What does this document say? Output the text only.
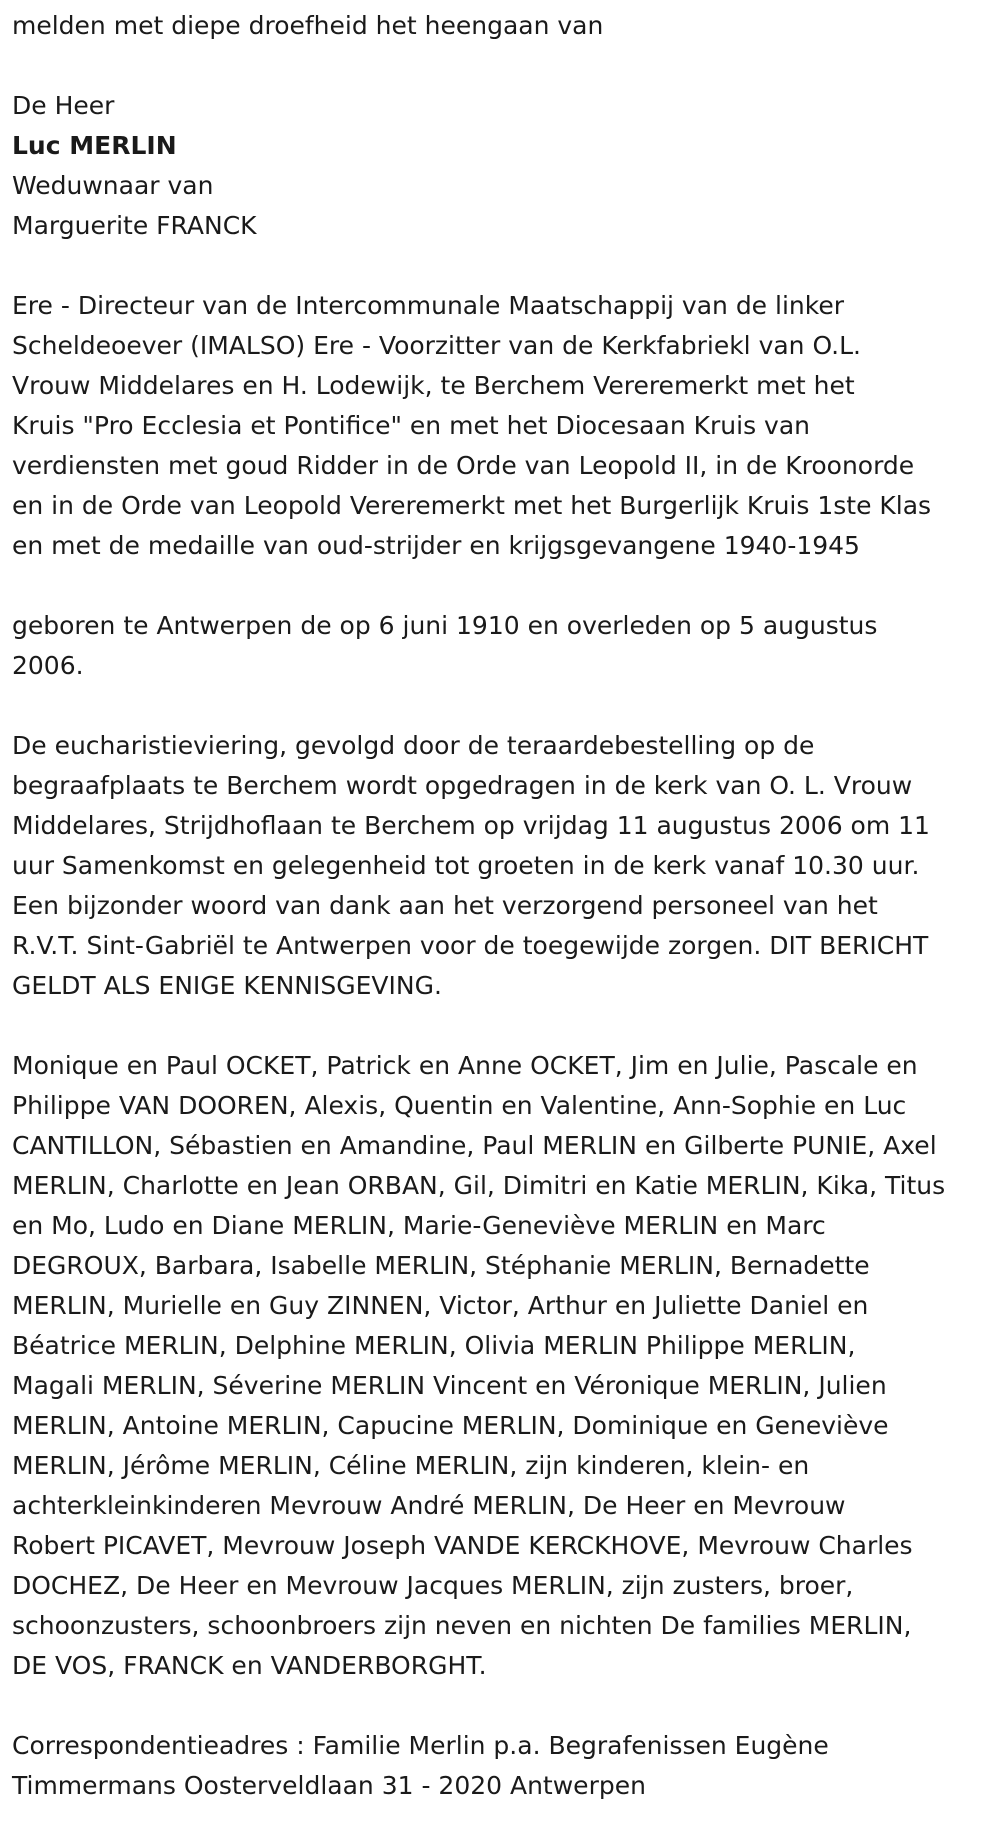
melden met diepe droefheid het heengaan van
De Heer
Luc MERLIN
Weduwnaar van
Marguerite FRANCK
Ere - Directeur van de Intercommunale Maatschappij van de linker
Scheldeoever (IMALSO) Ere - Voorzitter van de Kerkfabriekl van O.L.
Vrouw Middelares en H. Lodewijk, te Berchem Vereremerkt met het
Kruis "Pro Ecclesia et Pontifice" en met het Diocesaan Kruis van
verdiensten met goud Ridder in de Orde van Leopold II, in de Kroonorde
en in de Orde van Leopold Vereremerkt met het Burgerlijk Kruis 1ste Klas
en met de medaille van oud-strijder en krijgsgevangene 1940-1945
geboren te Antwerpen de op 6 juni 1910 en overleden op 5 augustus
2006.
De eucharistieviering, gevolgd door de teraardebestelling op de
begraafplaats te Berchem wordt opgedragen in de kerk van O. L. Vrouw
Middelares, Strijdhoflaan te Berchem op vrijdag 11 augustus 2006 om 11
uur Samenkomst en gelegenheid tot groeten in de kerk vanaf 10.30 uur.
Een bijzonder woord van dank aan het verzorgend personeel van het
R.V.T. Sint-Gabriël te Antwerpen voor de toegewijde zorgen. DIT BERICHT
GELDT ALS ENIGE KENNISGEVING.
Monique en Paul OCKET, Patrick en Anne OCKET, Jim en Julie, Pascale en
Philippe VAN DOOREN, Alexis, Quentin en Valentine, Ann-Sophie en Luc
CANTILLON, Sébastien en Amandine, Paul MERLIN en Gilberte PUNIE, Axel
MERLIN, Charlotte en Jean ORBAN, Gil, Dimitri en Katie MERLIN, Kika, Titus
en Mo, Ludo en Diane MERLIN, Marie-Geneviève MERLIN en Marc
DEGROUX, Barbara, Isabelle MERLIN, Stéphanie MERLIN, Bernadette
MERLIN, Murielle en Guy ZINNEN, Victor, Arthur en Juliette Daniel en
Béatrice MERLIN, Delphine MERLIN, Olivia MERLIN Philippe MERLIN,
Magali MERLIN, Séverine MERLIN Vincent en Véronique MERLIN, Julien
MERLIN, Antoine MERLIN, Capucine MERLIN, Dominique en Geneviève
MERLIN, Jérôme MERLIN, Céline MERLIN, zijn kinderen, klein- en
achterkleinkinderen Mevrouw André MERLIN, De Heer en Mevrouw
Robert PICAVET, Mevrouw Joseph VANDE KERCKHOVE, Mevrouw Charles
DOCHEZ, De Heer en Mevrouw Jacques MERLIN, zijn zusters, broer,
schoonzusters, schoonbroers zijn neven en nichten De families MERLIN,
DE VOS, FRANCK en VANDERBORGHT.
Correspondentieadres : Familie Merlin p.a. Begrafenissen Eugène
Timmermans Oosterveldlaan 31 - 2020 Antwerpen
